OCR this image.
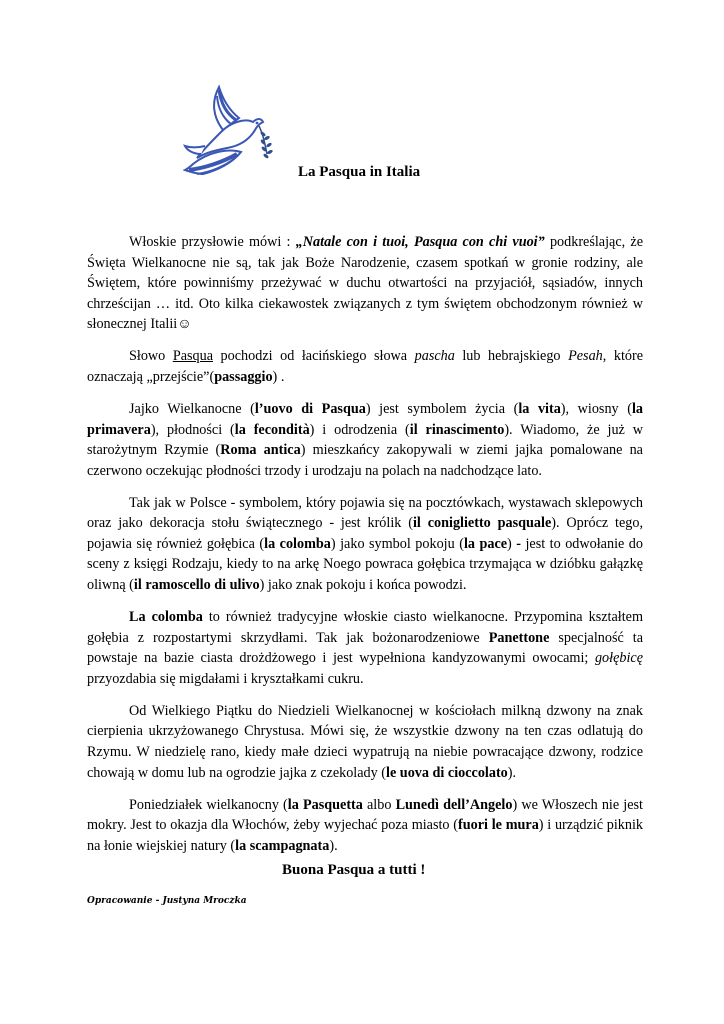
La Pasqua in Italia

Włoskie przysłowie mówi : „Natale con i tuoi, Pasqua con chi vuoi” podkreślając, że Święta Wielkanocne nie są, tak jak Boże Narodzenie, czasem spotkań w gronie rodziny, ale Świętem, które powinniśmy przeżywać w duchu otwartości na przyjaciół, sąsiadów, innych chrześcijan … itd. Oto kilka ciekawostek związanych z tym świętem obchodzonym również w słonecznej Italii☺

Słowo Pasqua pochodzi od łacińskiego słowa pascha lub hebrajskiego Pesah, które oznaczają „przejście”(passaggio) .

Jajko Wielkanocne (l’uovo di Pasqua) jest symbolem życia (la vita), wiosny (la primavera), płodności (la fecondità) i odrodzenia (il rinascimento). Wiadomo, że już w starożytnym Rzymie (Roma antica) mieszkańcy zakopywali w ziemi jajka pomalowane na czerwono oczekując płodności trzody i urodzaju na polach na nadchodzące lato.

Tak jak w Polsce - symbolem, który pojawia się na pocztówkach, wystawach sklepowych oraz jako dekoracja stołu świątecznego - jest królik (il coniglietto pasquale). Oprócz tego, pojawia się również gołębica (la colomba) jako symbol pokoju (la pace) - jest to odwołanie do sceny z księgi Rodzaju, kiedy to na arkę Noego powraca gołębica trzymająca w dzióbku gałązkę oliwną (il ramoscello di ulivo) jako znak pokoju i końca powodzi.

La colomba to również tradycyjne włoskie ciasto wielkanocne. Przypomina kształtem gołębia z rozpostartymi skrzydłami. Tak jak bożonarodzeniowe Panettone specjalność ta powstaje na bazie ciasta drożdżowego i jest wypełniona kandyzowanymi owocami; gołębicę przyozdabia się migdałami i kryształkami cukru.

Od Wielkiego Piątku do Niedzieli Wielkanocnej w kościołach milkną dzwony na znak cierpienia ukrzyżowanego Chrystusa. Mówi się, że wszystkie dzwony na ten czas odlatują do Rzymu. W niedzielę rano, kiedy małe dzieci wypatrują na niebie powracające dzwony, rodzice chowają w domu lub na ogrodzie jajka z czekolady (le uova di cioccolato).

Poniedziałek wielkanocny (la Pasquetta albo Lunedì dell’Angelo) we Włoszech nie jest mokry. Jest to okazja dla Włochów, żeby wyjechać poza miasto (fuori le mura) i urządzić piknik na łonie wiejskiej natury (la scampagnata).

Buona Pasqua a tutti !
Opracowanie - Justyna Mroczka
